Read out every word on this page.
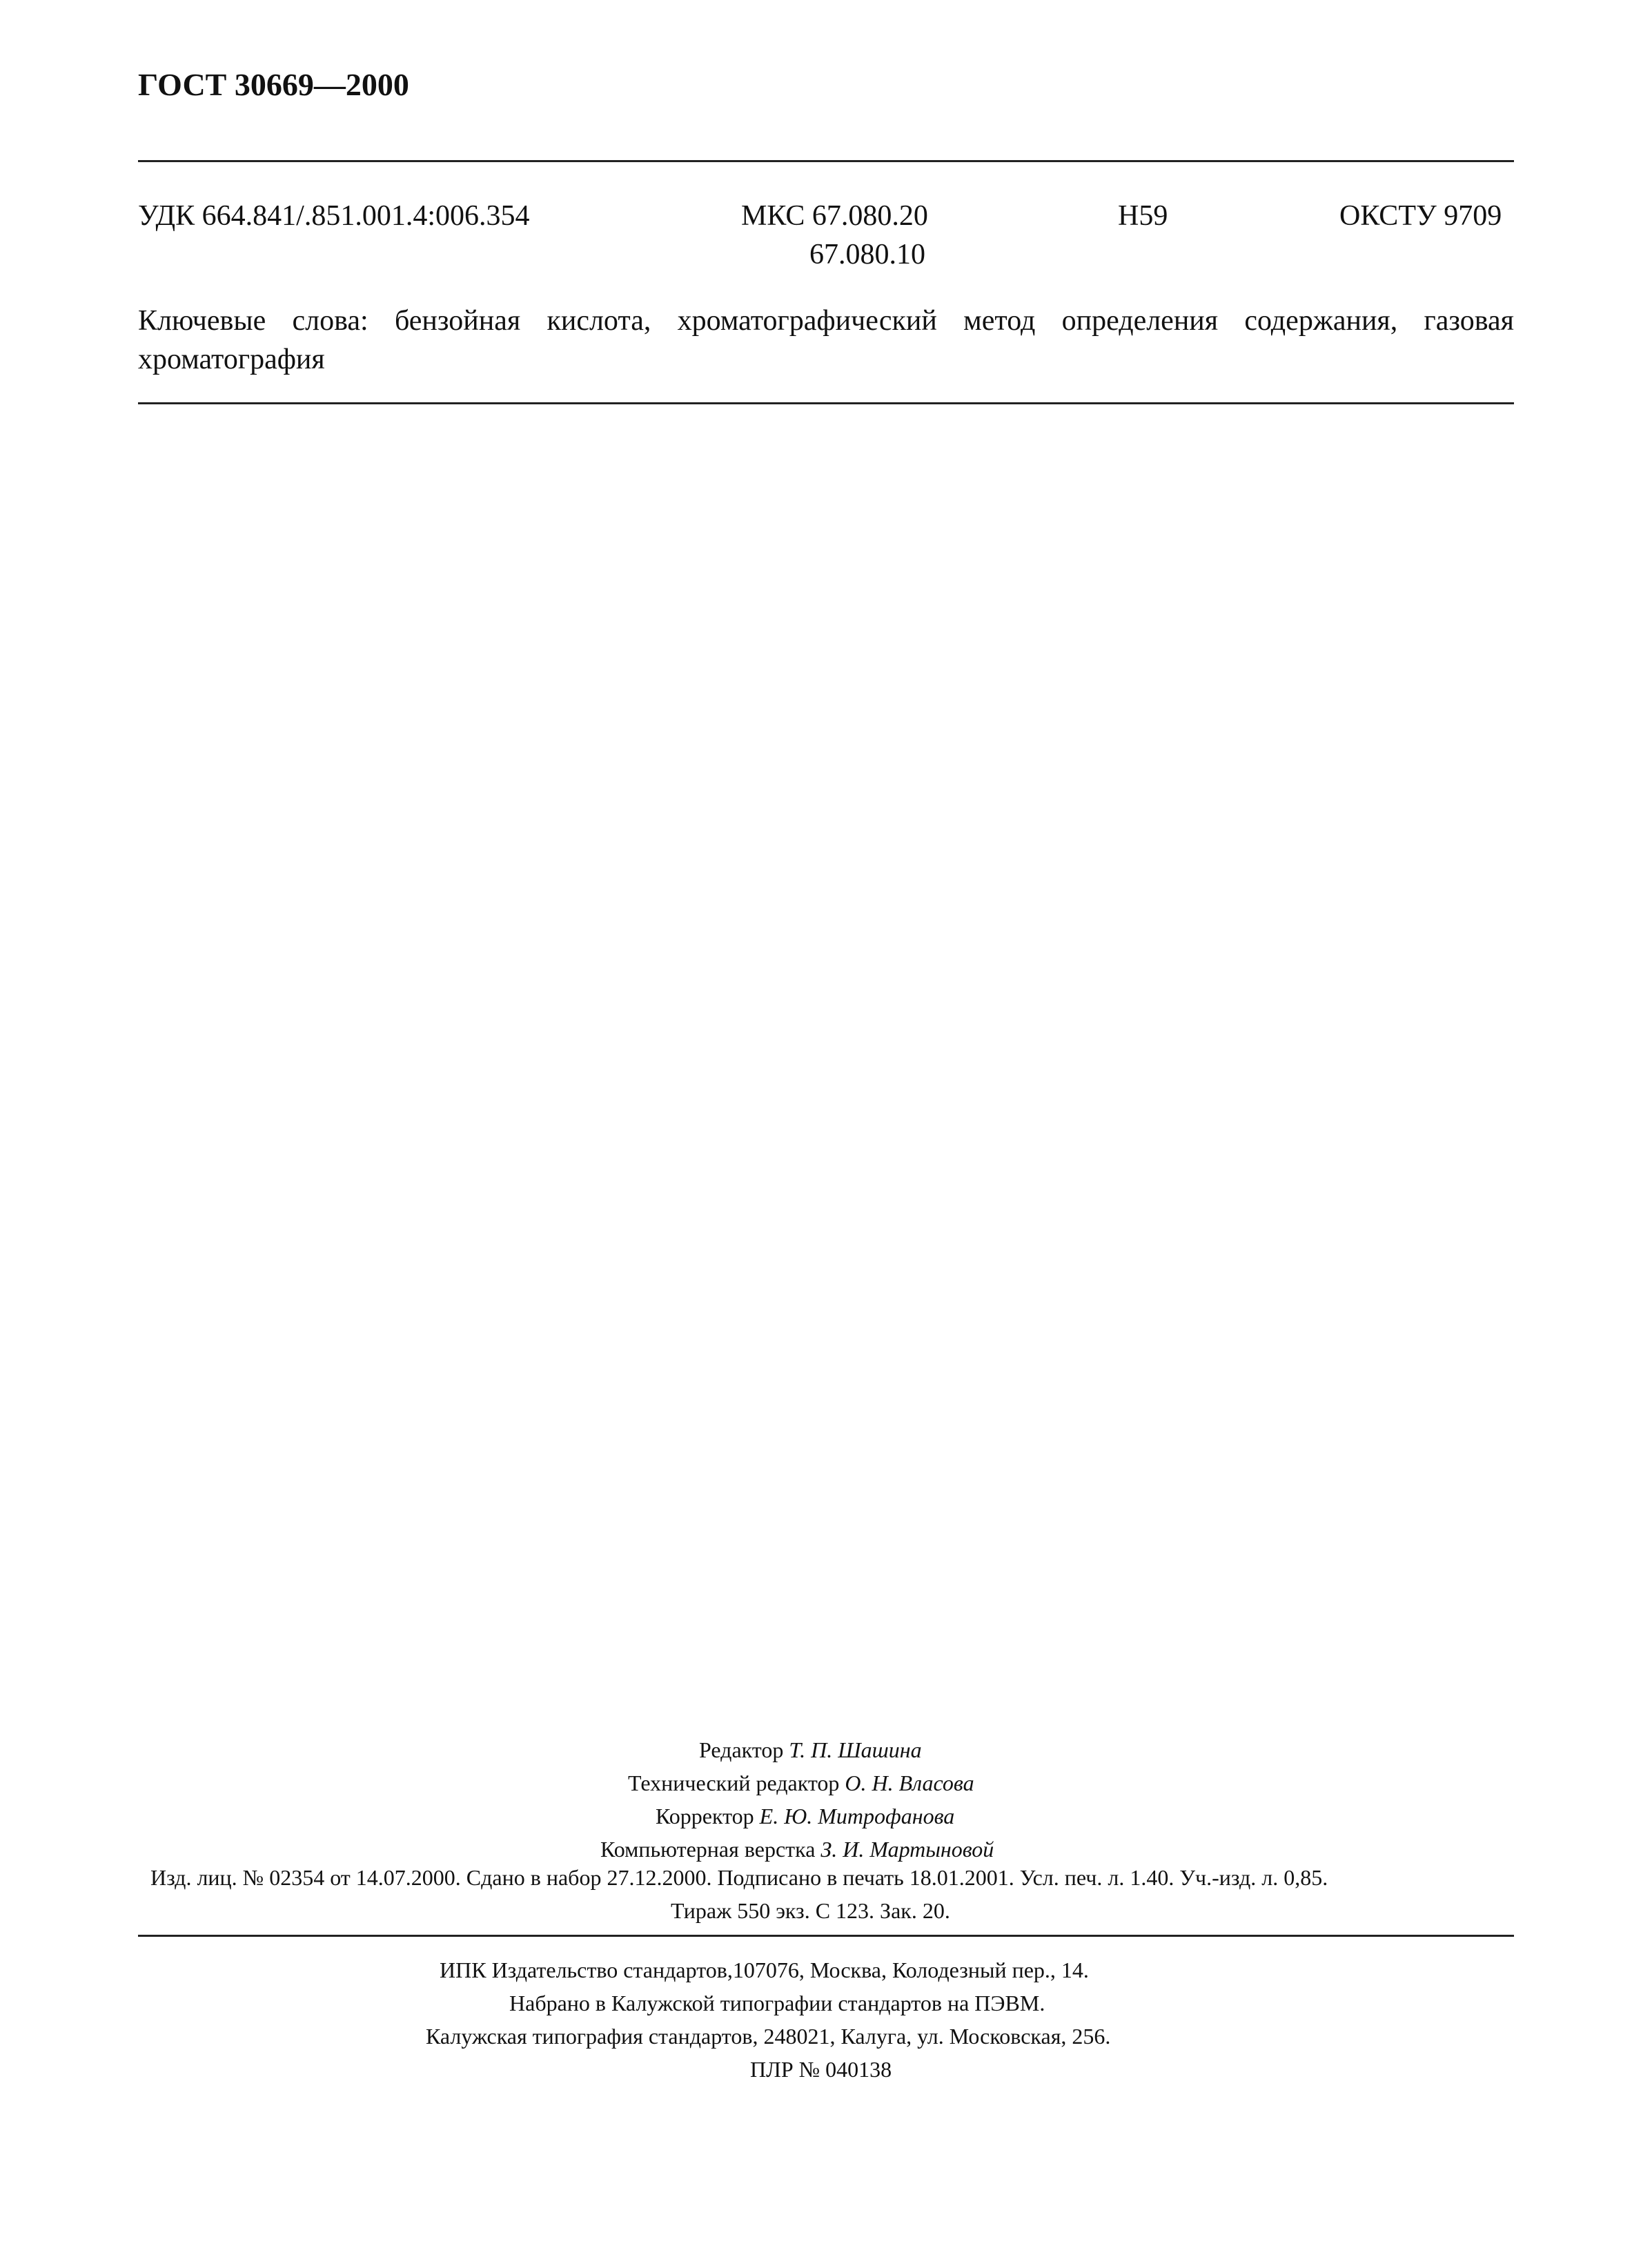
ГОСТ 30669—2000
УДК 664.841/.851.001.4:006.354	МКС 67.080.20
67.080.10
Н59	ОКСТУ 9709
Ключевые слова: бензойная кислота, хроматографический метод определения содержания, газовая хроматография
Редактор Т. П. Шашина
Технический редактор О. Н. Власова
Корректор Е. Ю. Митрофанова
Компьютерная верстка З. И. Мартыновой
Изд. лиц. № 02354 от 14.07.2000. Сдано в набор 27.12.2000. Подписано в печать 18.01.2001. Усл. печ. л. 1.40. Уч.-изд. л. 0,85.
Тираж 550 экз. С 123. Зак. 20.
ИПК Издательство стандартов,107076, Москва, Колодезный пер., 14.
Набрано в Калужской типографии стандартов на ПЭВМ.
Калужская типография стандартов, 248021, Калуга, ул. Московская, 256.
ПЛР № 040138
